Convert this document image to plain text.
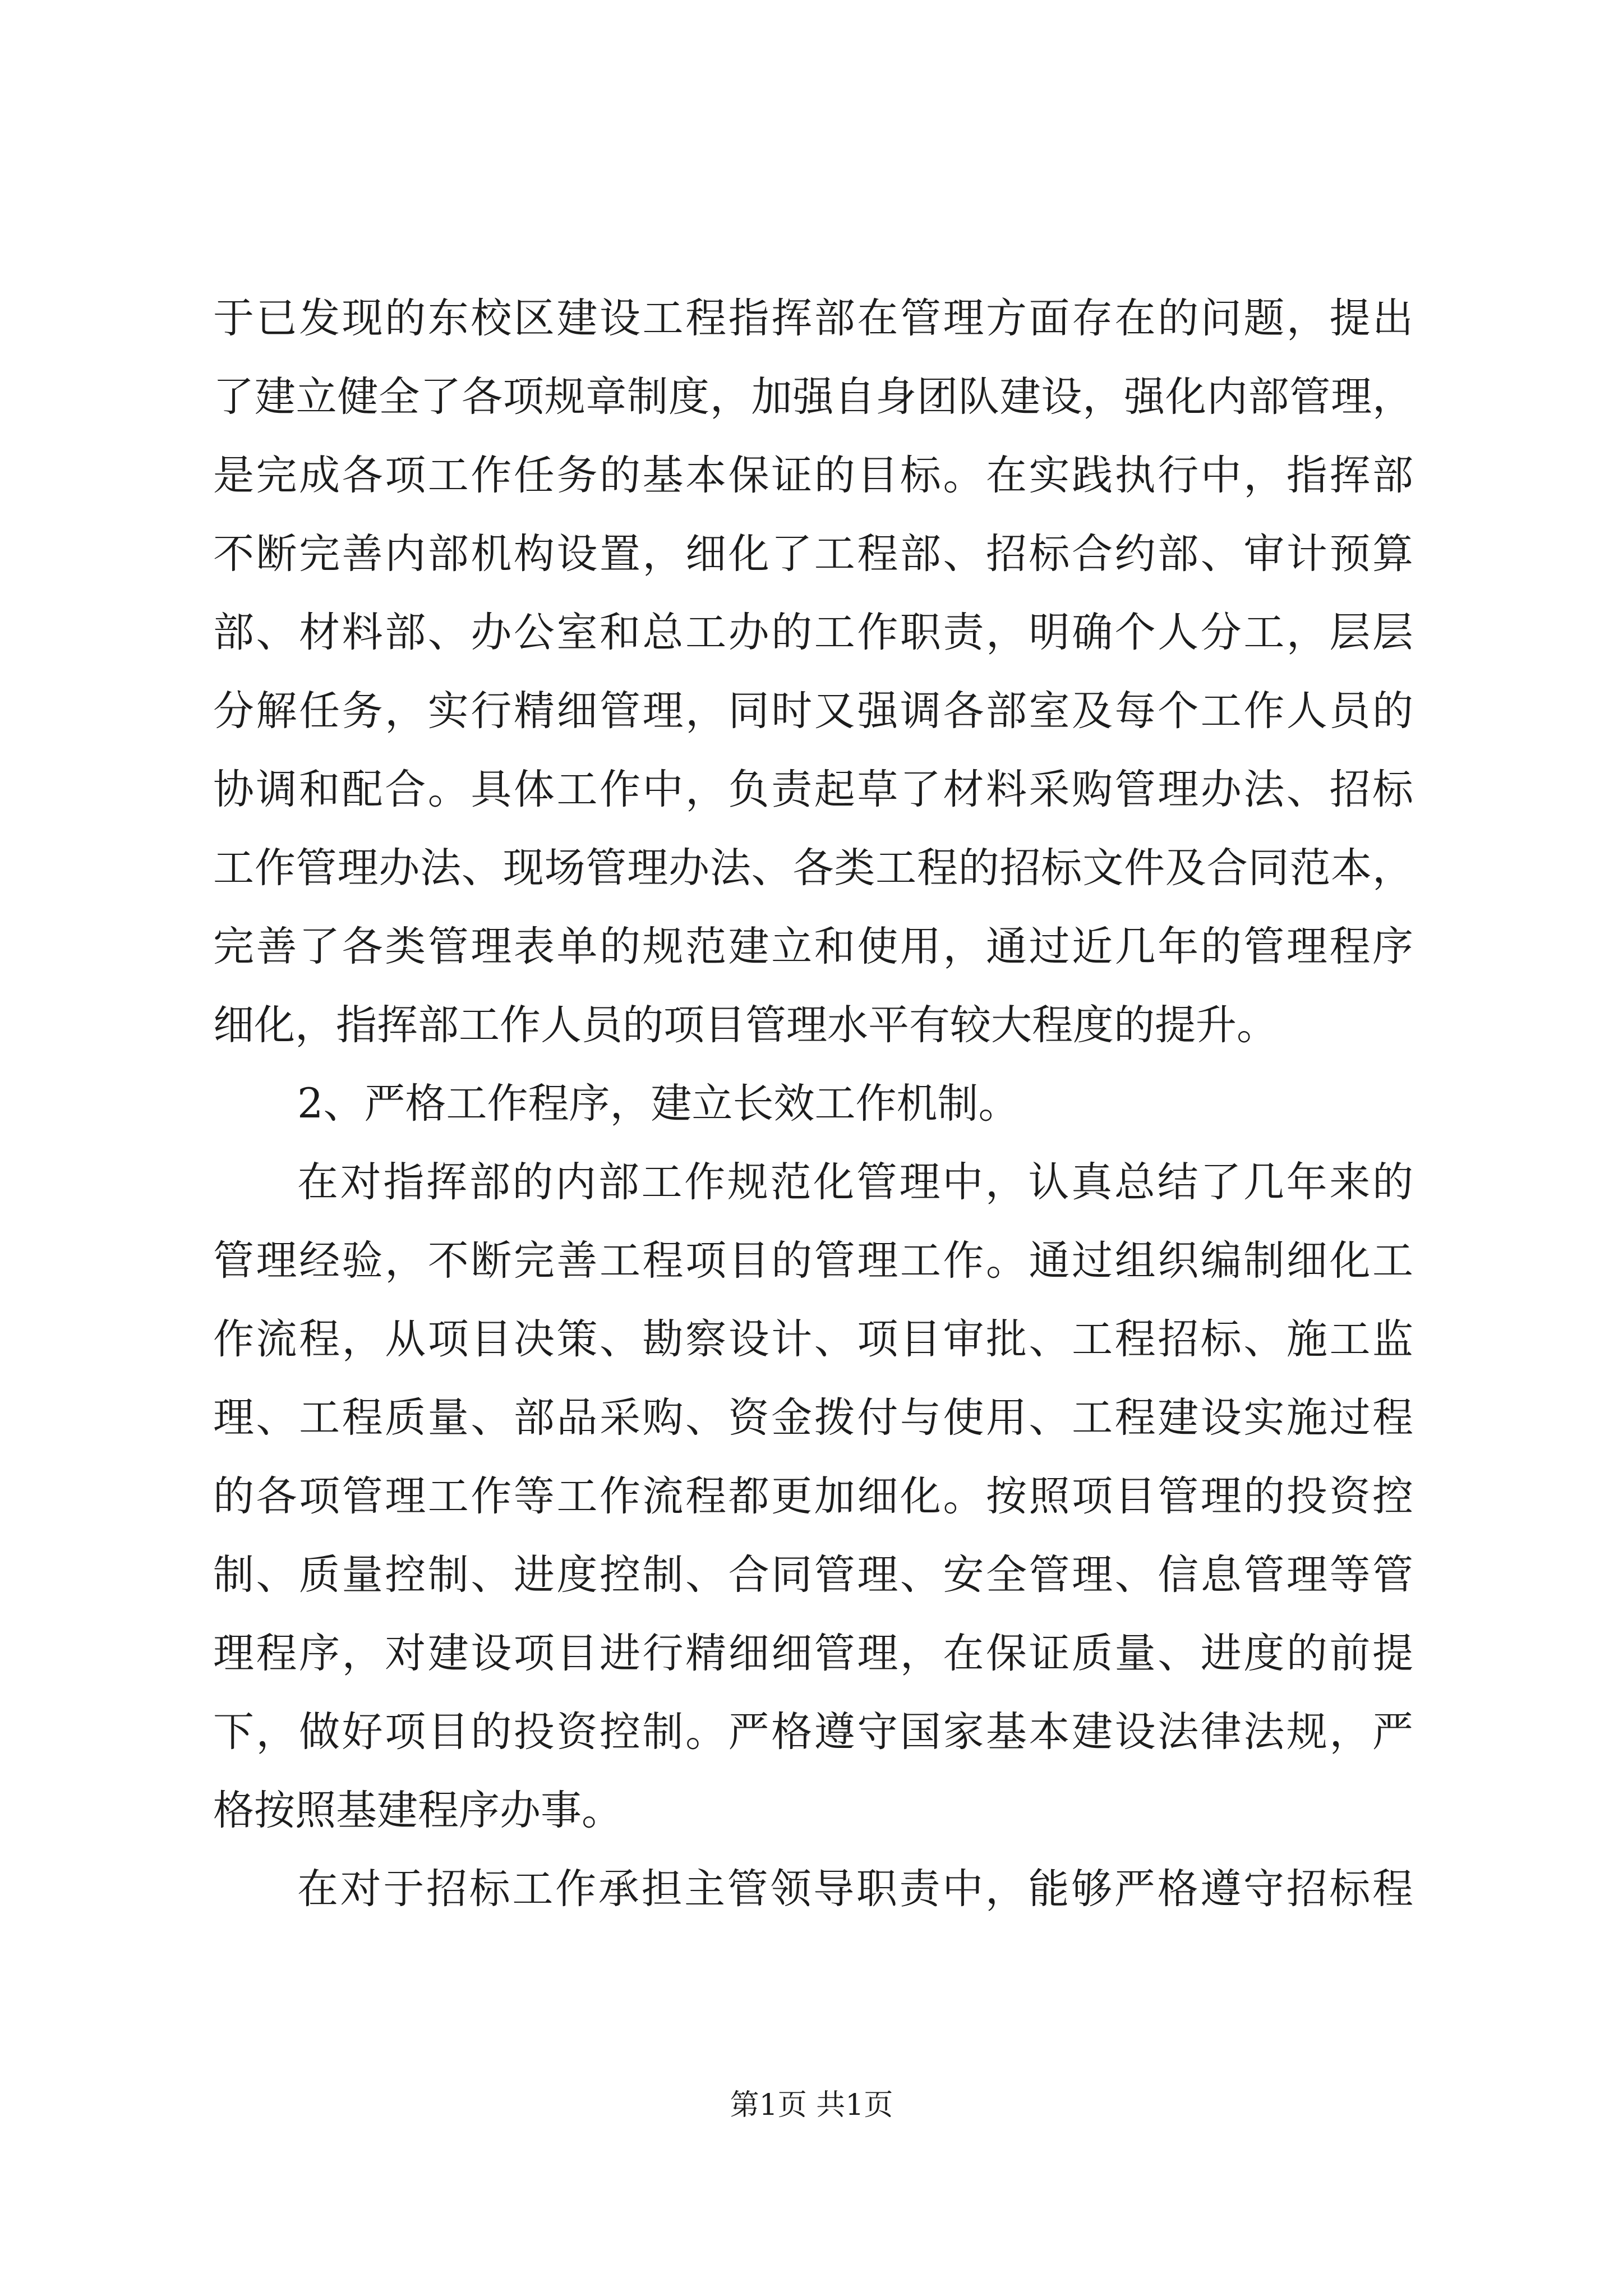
于已发现的东校区建设工程指挥部在管理方面存在的问题，提出
了建立健全了各项规章制度，加强自身团队建设，强化内部管理，
是完成各项工作任务的基本保证的目标。在实践执行中，指挥部
不断完善内部机构设置，细化了工程部、招标合约部、审计预算
部、材料部、办公室和总工办的工作职责，明确个人分工，层层
分解任务，实行精细管理，同时又强调各部室及每个工作人员的
协调和配合。具体工作中，负责起草了材料采购管理办法、招标
工作管理办法、现场管理办法、各类工程的招标文件及合同范本，
完善了各类管理表单的规范建立和使用，通过近几年的管理程序
细化，指挥部工作人员的项目管理水平有较大程度的提升。
2、严格工作程序，建立长效工作机制。
在对指挥部的内部工作规范化管理中，认真总结了几年来的
管理经验，不断完善工程项目的管理工作。通过组织编制细化工
作流程，从项目决策、勘察设计、项目审批、工程招标、施工监
理、工程质量、部品采购、资金拨付与使用、工程建设实施过程
的各项管理工作等工作流程都更加细化。按照项目管理的投资控
制、质量控制、进度控制、合同管理、安全管理、信息管理等管
理程序，对建设项目进行精细细管理，在保证质量、进度的前提
下，做好项目的投资控制。严格遵守国家基本建设法律法规，严
格按照基建程序办事。
在对于招标工作承担主管领导职责中，能够严格遵守招标程
第1页 共1页
